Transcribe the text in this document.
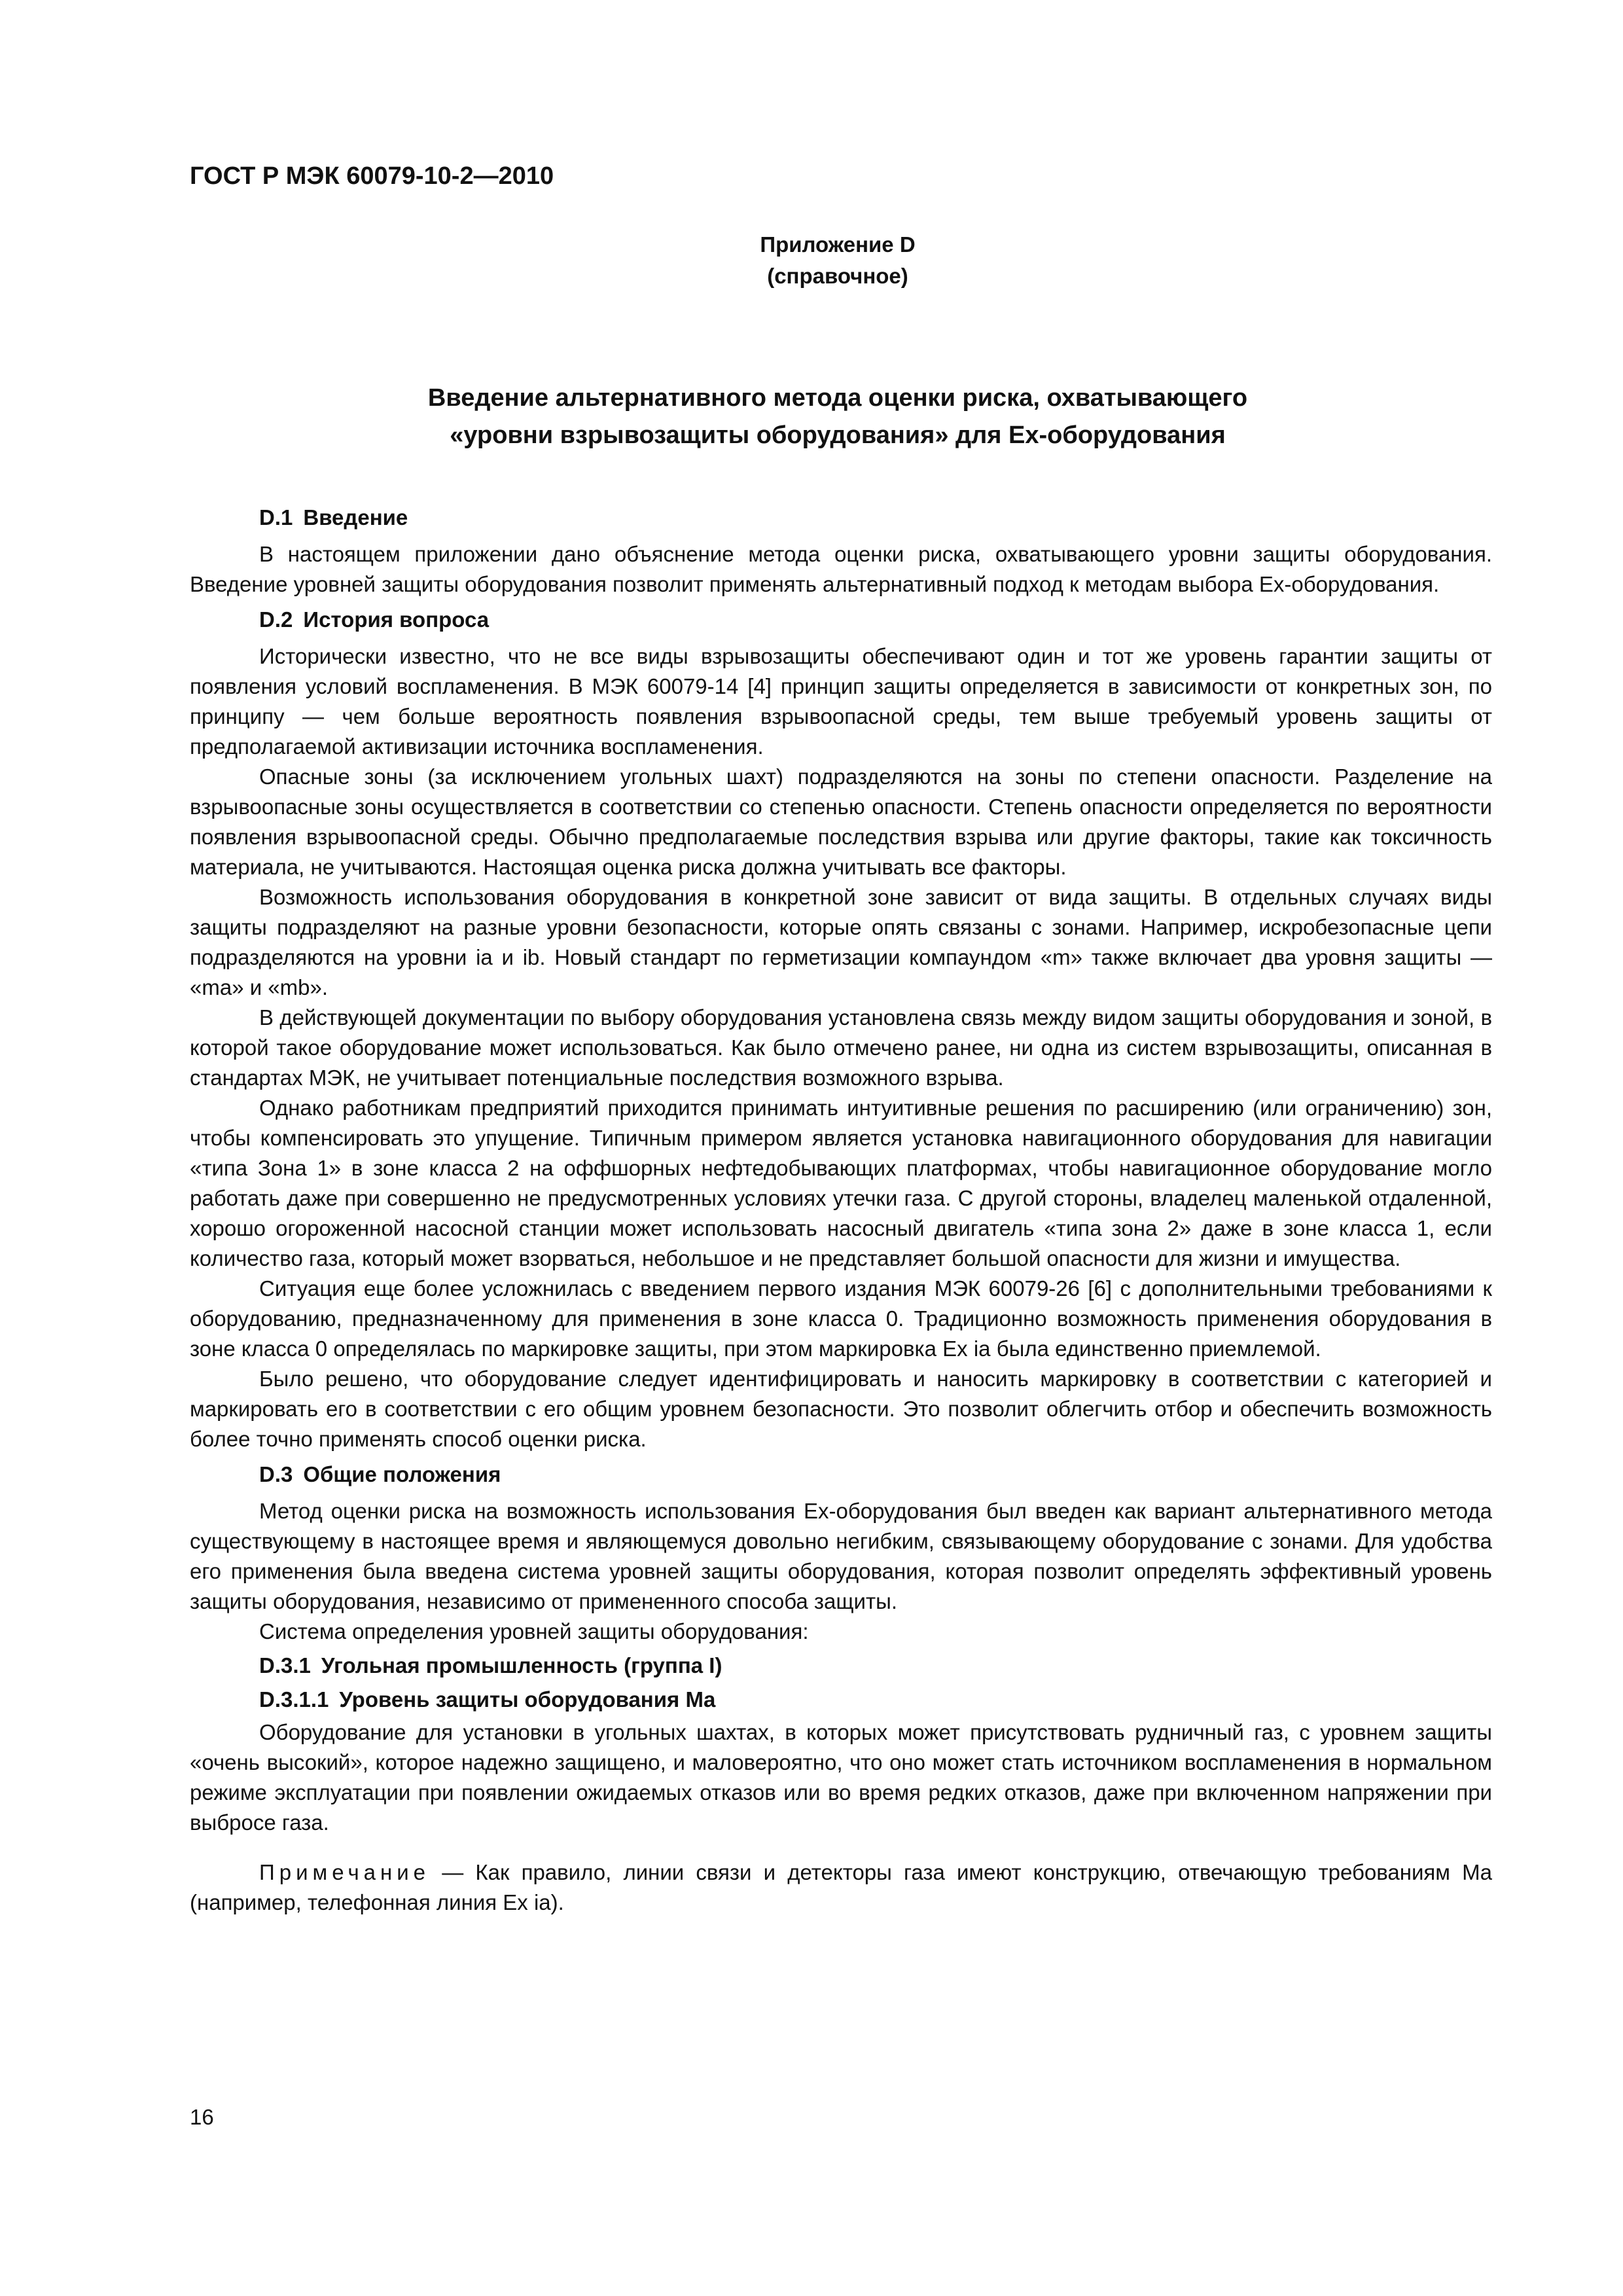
ГОСТ Р МЭК 60079-10-2—2010
Приложение D
(справочное)
Введение альтернативного метода оценки риска, охватывающего
«уровни взрывозащиты оборудования» для Ex-оборудования
D.1 Введение

В настоящем приложении дано объяснение метода оценки риска, охватывающего уровни защиты оборудования. Введение уровней защиты оборудования позволит применять альтернативный подход к методам выбора Ex-оборудования.

D.2 История вопроса

Исторически известно, что не все виды взрывозащиты обеспечивают один и тот же уровень гарантии защиты от появления условий воспламенения. В МЭК 60079-14 [4] принцип защиты определяется в зависимости от конкретных зон, по принципу — чем больше вероятность появления взрывоопасной среды, тем выше требуемый уровень защиты от предполагаемой активизации источника воспламенения.

Опасные зоны (за исключением угольных шахт) подразделяются на зоны по степени опасности. Разделение на взрывоопасные зоны осуществляется в соответствии со степенью опасности. Степень опасности определяется по вероятности появления взрывоопасной среды. Обычно предполагаемые последствия взрыва или другие факторы, такие как токсичность материала, не учитываются. Настоящая оценка риска должна учитывать все факторы.

Возможность использования оборудования в конкретной зоне зависит от вида защиты. В отдельных случаях виды защиты подразделяют на разные уровни безопасности, которые опять связаны с зонами. Например, искробезопасные цепи подразделяются на уровни ia и ib. Новый стандарт по герметизации компаундом «m» также включает два уровня защиты — «ma» и «mb».

В действующей документации по выбору оборудования установлена связь между видом защиты оборудования и зоной, в которой такое оборудование может использоваться. Как было отмечено ранее, ни одна из систем взрывозащиты, описанная в стандартах МЭК, не учитывает потенциальные последствия возможного взрыва.

Однако работникам предприятий приходится принимать интуитивные решения по расширению (или ограничению) зон, чтобы компенсировать это упущение. Типичным примером является установка навигационного оборудования для навигации «типа Зона 1» в зоне класса 2 на оффшорных нефтедобывающих платформах, чтобы навигационное оборудование могло работать даже при совершенно не предусмотренных условиях утечки газа. С другой стороны, владелец маленькой отдаленной, хорошо огороженной насосной станции может использовать насосный двигатель «типа зона 2» даже в зоне класса 1, если количество газа, который может взорваться, небольшое и не представляет большой опасности для жизни и имущества.

Ситуация еще более усложнилась с введением первого издания МЭК 60079-26 [6] с дополнительными требованиями к оборудованию, предназначенному для применения в зоне класса 0. Традиционно возможность применения оборудования в зоне класса 0 определялась по маркировке защиты, при этом маркировка Ex ia была единственно приемлемой.

Было решено, что оборудование следует идентифицировать и наносить маркировку в соответствии с категорией и маркировать его в соответствии с его общим уровнем безопасности. Это позволит облегчить отбор и обеспечить возможность более точно применять способ оценки риска.

D.3 Общие положения

Метод оценки риска на возможность использования Ex-оборудования был введен как вариант альтернативного метода существующему в настоящее время и являющемуся довольно негибким, связывающему оборудование с зонами. Для удобства его применения была введена система уровней защиты оборудования, которая позволит определять эффективный уровень защиты оборудования, независимо от примененного способа защиты.

Система определения уровней защиты оборудования:

D.3.1 Угольная промышленность (группа I)
D.3.1.1 Уровень защиты оборудования Ma

Оборудование для установки в угольных шахтах, в которых может присутствовать рудничный газ, с уровнем защиты «очень высокий», которое надежно защищено, и маловероятно, что оно может стать источником воспламенения в нормальном режиме эксплуатации при появлении ожидаемых отказов или во время редких отказов, даже при включенном напряжении при выбросе газа.

Примечание — Как правило, линии связи и детекторы газа имеют конструкцию, отвечающую требованиям Ma (например, телефонная линия Ex ia).

16
